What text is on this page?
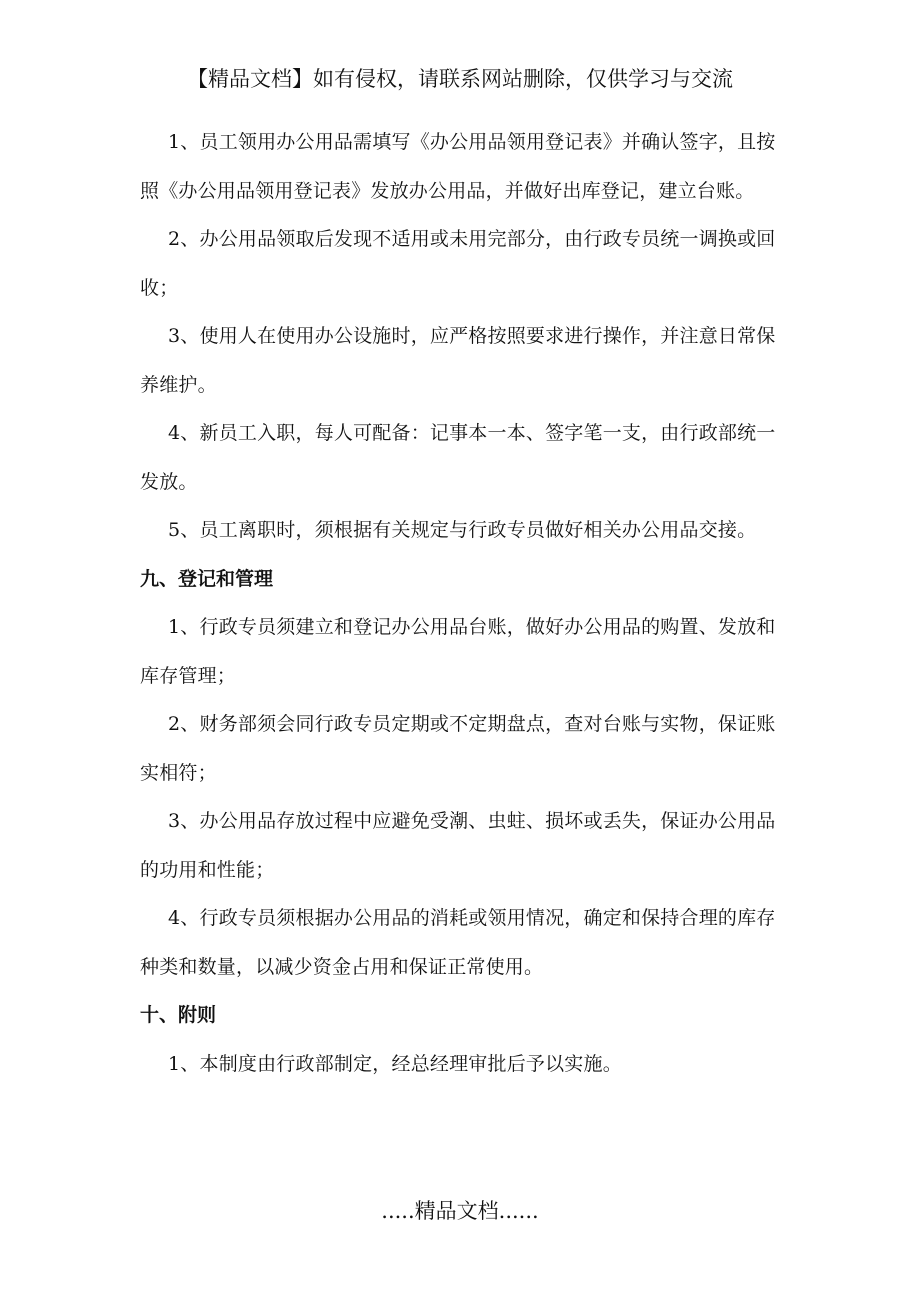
【精品文档】如有侵权，请联系网站删除，仅供学习与交流

1、员工领用办公用品需填写《办公用品领用登记表》并确认签字，且按照《办公用品领用登记表》发放办公用品，并做好出库登记，建立台账。

2、办公用品领取后发现不适用或未用完部分，由行政专员统一调换或回收；

3、使用人在使用办公设施时，应严格按照要求进行操作，并注意日常保养维护。

4、新员工入职，每人可配备：记事本一本、签字笔一支，由行政部统一发放。

5、员工离职时，须根据有关规定与行政专员做好相关办公用品交接。

九、登记和管理

1、行政专员须建立和登记办公用品台账，做好办公用品的购置、发放和库存管理；

2、财务部须会同行政专员定期或不定期盘点，查对台账与实物，保证账实相符；

3、办公用品存放过程中应避免受潮、虫蛀、损坏或丢失，保证办公用品的功用和性能；

4、行政专员须根据办公用品的消耗或领用情况，确定和保持合理的库存种类和数量，以减少资金占用和保证正常使用。

十、附则

1、本制度由行政部制定，经总经理审批后予以实施。

.....精品文档......
